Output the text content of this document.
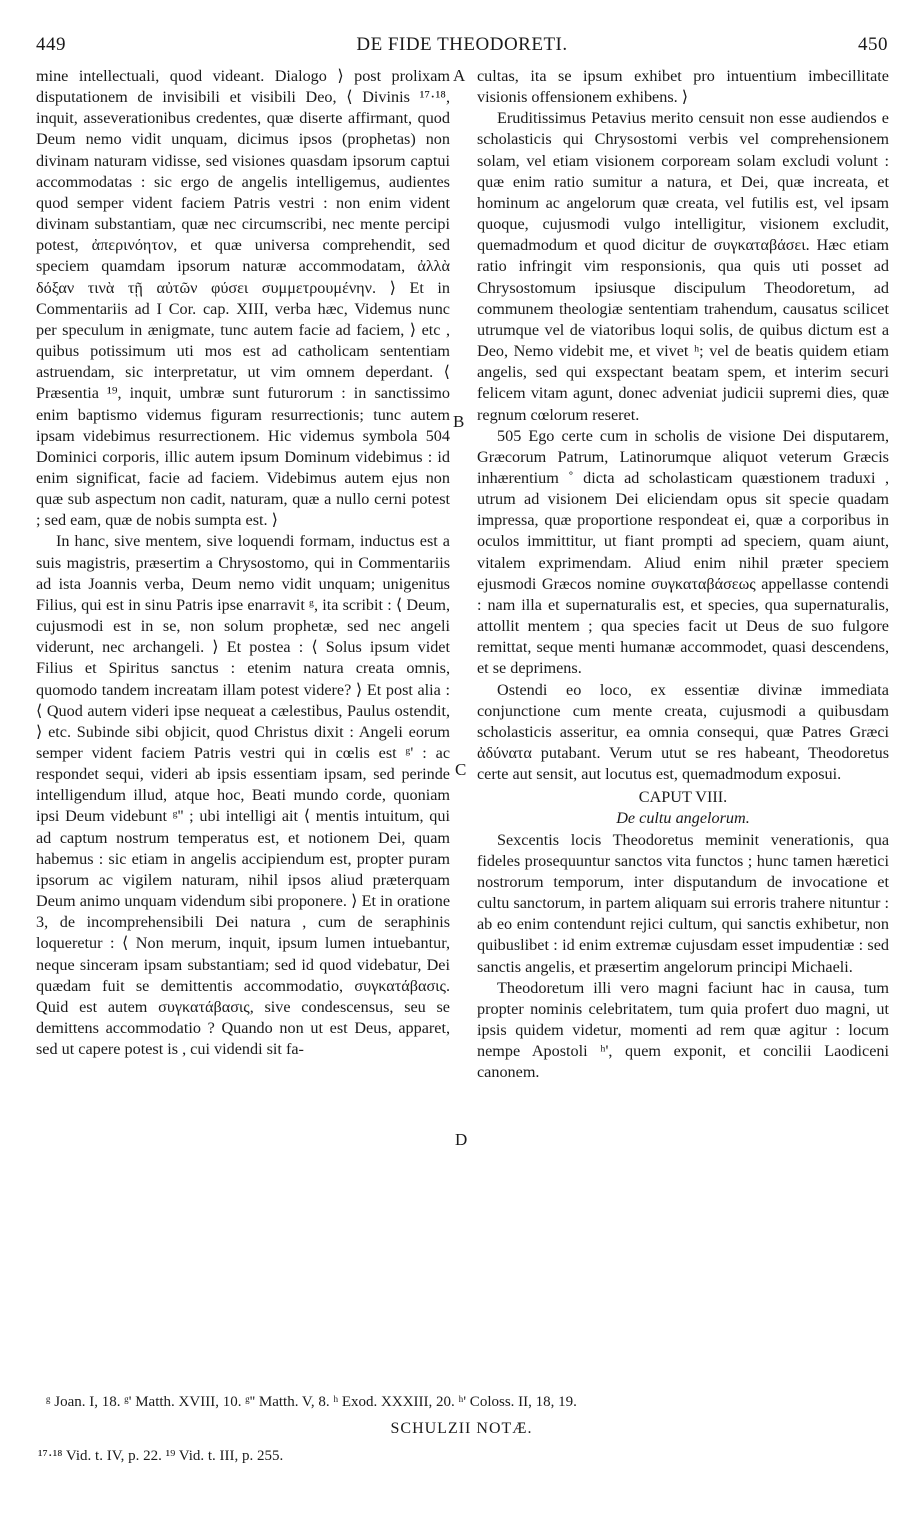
449	DE FIDE THEODORETI.	450

mine intellectuali, quod videant. Dialogo ⟩ post prolixam disputationem de invisibili et visibili Deo, ⟨ Divinis ¹⁷·¹⁸, inquit, asseverationibus credentes, quæ diserte affirmant, quod Deum nemo vidit unquam, dicimus ipsos (prophetas) non divinam naturam vidisse, sed visiones quasdam ipsorum captui accommodatas : sic ergo de angelis intelligemus, audientes quod semper vident faciem Patris vestri : non enim vident divinam substantiam, quæ nec circumscribi, nec mente percipi potest, ἀπερινόητον, et quæ universa comprehendit, sed speciem quamdam ipsorum naturæ accommodatam, ἀλλὰ δόξαν τινὰ τῇ αὐτῶν φύσει συμμετρουμένην. ⟩ Et in Commentariis ad I Cor. cap. XIII, verba hæc, Videmus nunc per speculum in ænigmate, tunc autem facie ad faciem, ⟩ etc , quibus potissimum uti mos est ad catholicam sententiam astruendam, sic interpretatur, ut vim omnem deperdant. ⟨ Præsentia ¹⁹, inquit, umbræ sunt futurorum : in sanctissimo enim baptismo videmus figuram resurrectionis; tunc autem ipsam videbimus resurrectionem. Hic videmus symbola 504 Dominici corporis, illic autem ipsum Dominum videbimus : id enim significat, facie ad faciem. Videbimus autem ejus non quæ sub aspectum non cadit, naturam, quæ a nullo cerni potest ; sed eam, quæ de nobis sumpta est. ⟩

In hanc, sive mentem, sive loquendi formam, inductus est a suis magistris, præsertim a Chrysostomo, qui in Commentariis ad ista Joannis verba, Deum nemo vidit unquam; unigenitus Filius, qui est in sinu Patris ipse enarravit ᵍ, ita scribit : ⟨ Deum, cujusmodi est in se, non solum prophetæ, sed nec angeli viderunt, nec archangeli. ⟩ Et postea : ⟨ Solus ipsum videt Filius et Spiritus sanctus : etenim natura creata omnis, quomodo tandem increatam illam potest videre? ⟩ Et post alia : ⟨ Quod autem videri ipse nequeat a cælestibus, Paulus ostendit, ⟩ etc. Subinde sibi objicit, quod Christus dixit : Angeli eorum semper vident faciem Patris vestri qui in cœlis est ᵍ' : ac respondet sequi, videri ab ipsis essentiam ipsam, sed perinde intelligendum illud, atque hoc, Beati mundo corde, quoniam ipsi Deum videbunt ᵍ'' ; ubi intelligi ait ⟨ mentis intuitum, qui ad captum nostrum temperatus est, et notionem Dei, quam habemus : sic etiam in angelis accipiendum est, propter puram ipsorum ac vigilem naturam, nihil ipsos aliud præterquam Deum animo unquam videndum sibi proponere. ⟩ Et in oratione 3, de incomprehensibili Dei natura , cum de seraphinis loqueretur : ⟨ Non merum, inquit, ipsum lumen intuebantur, neque sinceram ipsam substantiam; sed id quod videbatur, Dei quædam fuit se demittentis accommodatio, συγκατάβασις. Quid est autem συγκατάβασις, sive condescensus, seu se demittens accommodatio ? Quando non ut est Deus, apparet, sed ut capere potest is , cui videndi sit fa-

cultas, ita se ipsum exhibet pro intuentium imbecillitate visionis offensionem exhibens. ⟩

Eruditissimus Petavius merito censuit non esse audiendos e scholasticis qui Chrysostomi verbis vel comprehensionem solam, vel etiam visionem corpoream solam excludi volunt : quæ enim ratio sumitur a natura, et Dei, quæ increata, et hominum ac angelorum quæ creata, vel futilis est, vel ipsam quoque, cujusmodi vulgo intelligitur, visionem excludit, quemadmodum et quod dicitur de συγκαταβάσει. Hæc etiam ratio infringit vim responsionis, qua quis uti posset ad Chrysostomum ipsiusque discipulum Theodoretum, ad communem theologiæ sententiam trahendum, causatus scilicet utrumque vel de viatoribus loqui solis, de quibus dictum est a Deo, Nemo videbit me, et vivet ʰ; vel de beatis quidem etiam angelis, sed qui exspectant beatam spem, et interim securi felicem vitam agunt, donec adveniat judicii supremi dies, quæ regnum cœlorum reseret.

505 Ego certe cum in scholis de visione Dei disputarem, Græcorum Patrum, Latinorumque aliquot veterum Græcis inhærentium ˚ dicta ad scholasticam quæstionem traduxi , utrum ad visionem Dei eliciendam opus sit specie quadam impressa, quæ proportione respondeat ei, quæ a corporibus in oculos immittitur, ut fiant prompti ad speciem, quam aiunt, vitalem exprimendam. Aliud enim nihil præter speciem ejusmodi Græcos nomine συγκαταβάσεως appellasse contendi : nam illa et supernaturalis est, et species, qua supernaturalis, attollit mentem ; qua species facit ut Deus de suo fulgore remittat, seque menti humanæ accommodet, quasi descendens, et se deprimens.

Ostendi eo loco, ex essentiæ divinæ immediata conjunctione cum mente creata, cujusmodi a quibusdam scholasticis asseritur, ea omnia consequi, quæ Patres Græci ἀδύνατα putabant. Verum utut se res habeant, Theodoretus certe aut sensit, aut locutus est, quemadmodum exposui.

CAPUT VIII.

De cultu angelorum.

Sexcentis locis Theodoretus meminit venerationis, qua fideles prosequuntur sanctos vita functos ; hunc tamen hæretici nostrorum temporum, inter disputandum de invocatione et cultu sanctorum, in partem aliquam sui erroris trahere nituntur : ab eo enim contendunt rejici cultum, qui sanctis exhibetur, non quibuslibet : id enim extremæ cujusdam esset impudentiæ : sed sanctis angelis, et præsertim angelorum principi Michaeli.

Theodoretum illi vero magni faciunt hac in causa, tum propter nominis celebritatem, tum quia profert duo magni, ut ipsis quidem videtur, momenti ad rem quæ agitur : locum nempe Apostoli ʰ', quem exponit, et concilii Laodiceni canonem.

A
B
C
D
ᵍ Joan. I, 18. ᵍ' Matth. XVIII, 10. ᵍ'' Matth. V, 8. ʰ Exod. XXXIII, 20. ʰ' Coloss. II, 18, 19.
SCHULZII NOTÆ.
¹⁷·¹⁸ Vid. t. IV, p. 22. ¹⁹ Vid. t. III, p. 255.
